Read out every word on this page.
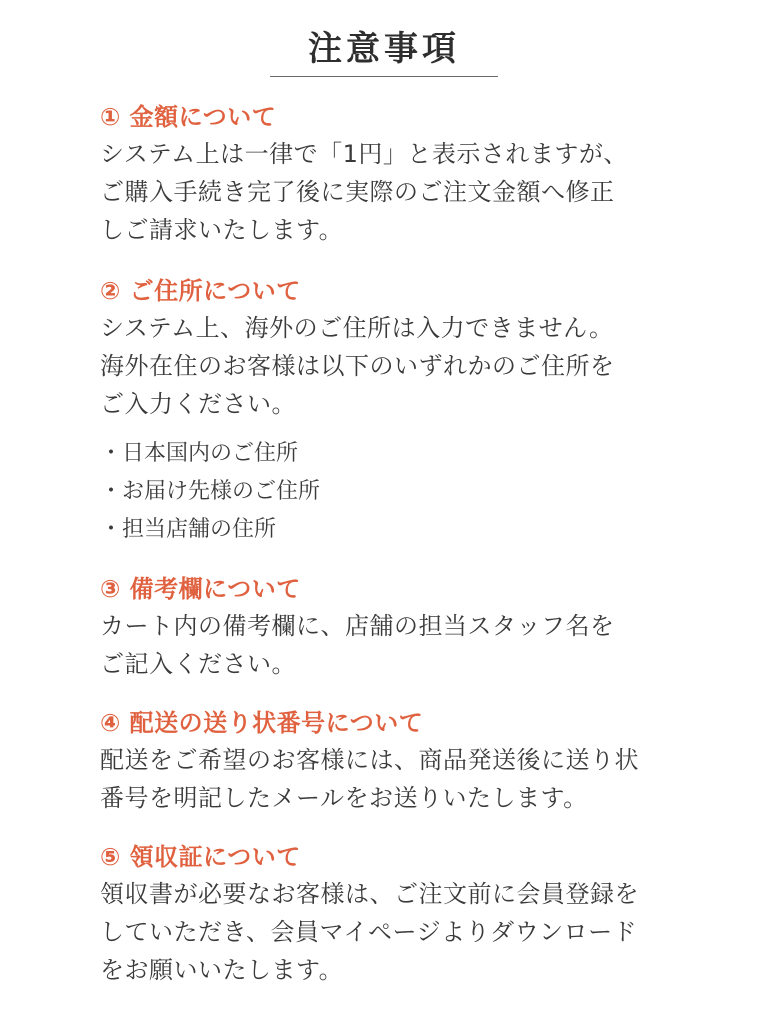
注意事項
① 金額について
システム上は一律で「1円」と表示されますが、
ご購入手続き完了後に実際のご注文金額へ修正
しご請求いたします。
② ご住所について
システム上、海外のご住所は入力できません。
海外在住のお客様は以下のいずれかのご住所を
ご入力ください。
・日本国内のご住所
・お届け先様のご住所
・担当店舗の住所
③ 備考欄について
カート内の備考欄に、店舗の担当スタッフ名を
ご記入ください。
④ 配送の送り状番号について
配送をご希望のお客様には、商品発送後に送り状
番号を明記したメールをお送りいたします。
⑤ 領収証について
領収書が必要なお客様は、ご注文前に会員登録を
していただき、会員マイページよりダウンロード
をお願いいたします。
